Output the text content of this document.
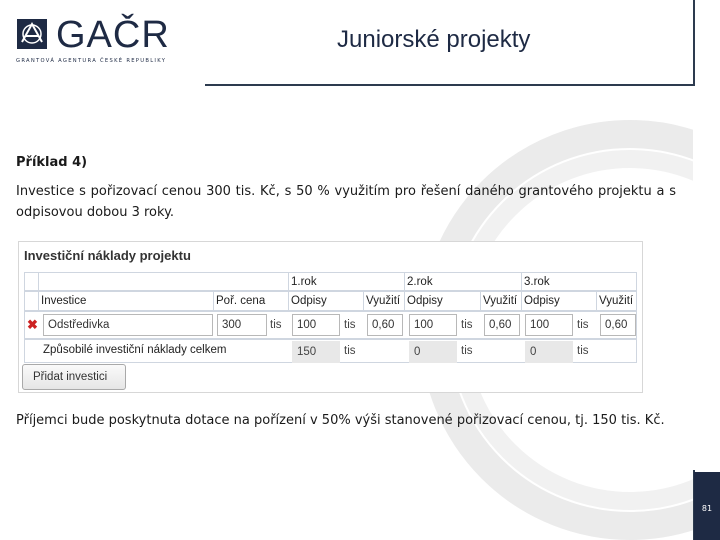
GAČR
GRANTOVÁ AGENTURA ČESKÉ REPUBLIKY
Juniorské projekty
Příklad 4)
Investice s pořizovací cenou 300 tis. Kč, s 50 % využitím pro řešení daného grantového projektu a s odpisovou dobou 3 roky.
Investiční náklady projektu
1.rok	2.rok	3.rok
Investice	Poř. cena	Odpisy	Využití Odpisy	Využití Odpisy	Využití
✖ Odstředivka	300	tis	100	tis	0,60	100	tis	0,60	100	tis	0,60
Způsobilé investiční náklady celkem	150	tis	0	tis	0	tis
Přidat investici
Příjemci bude poskytnuta dotace na pořízení v 50% výši stanovené pořizovací cenou, tj. 150 tis. Kč.
81
